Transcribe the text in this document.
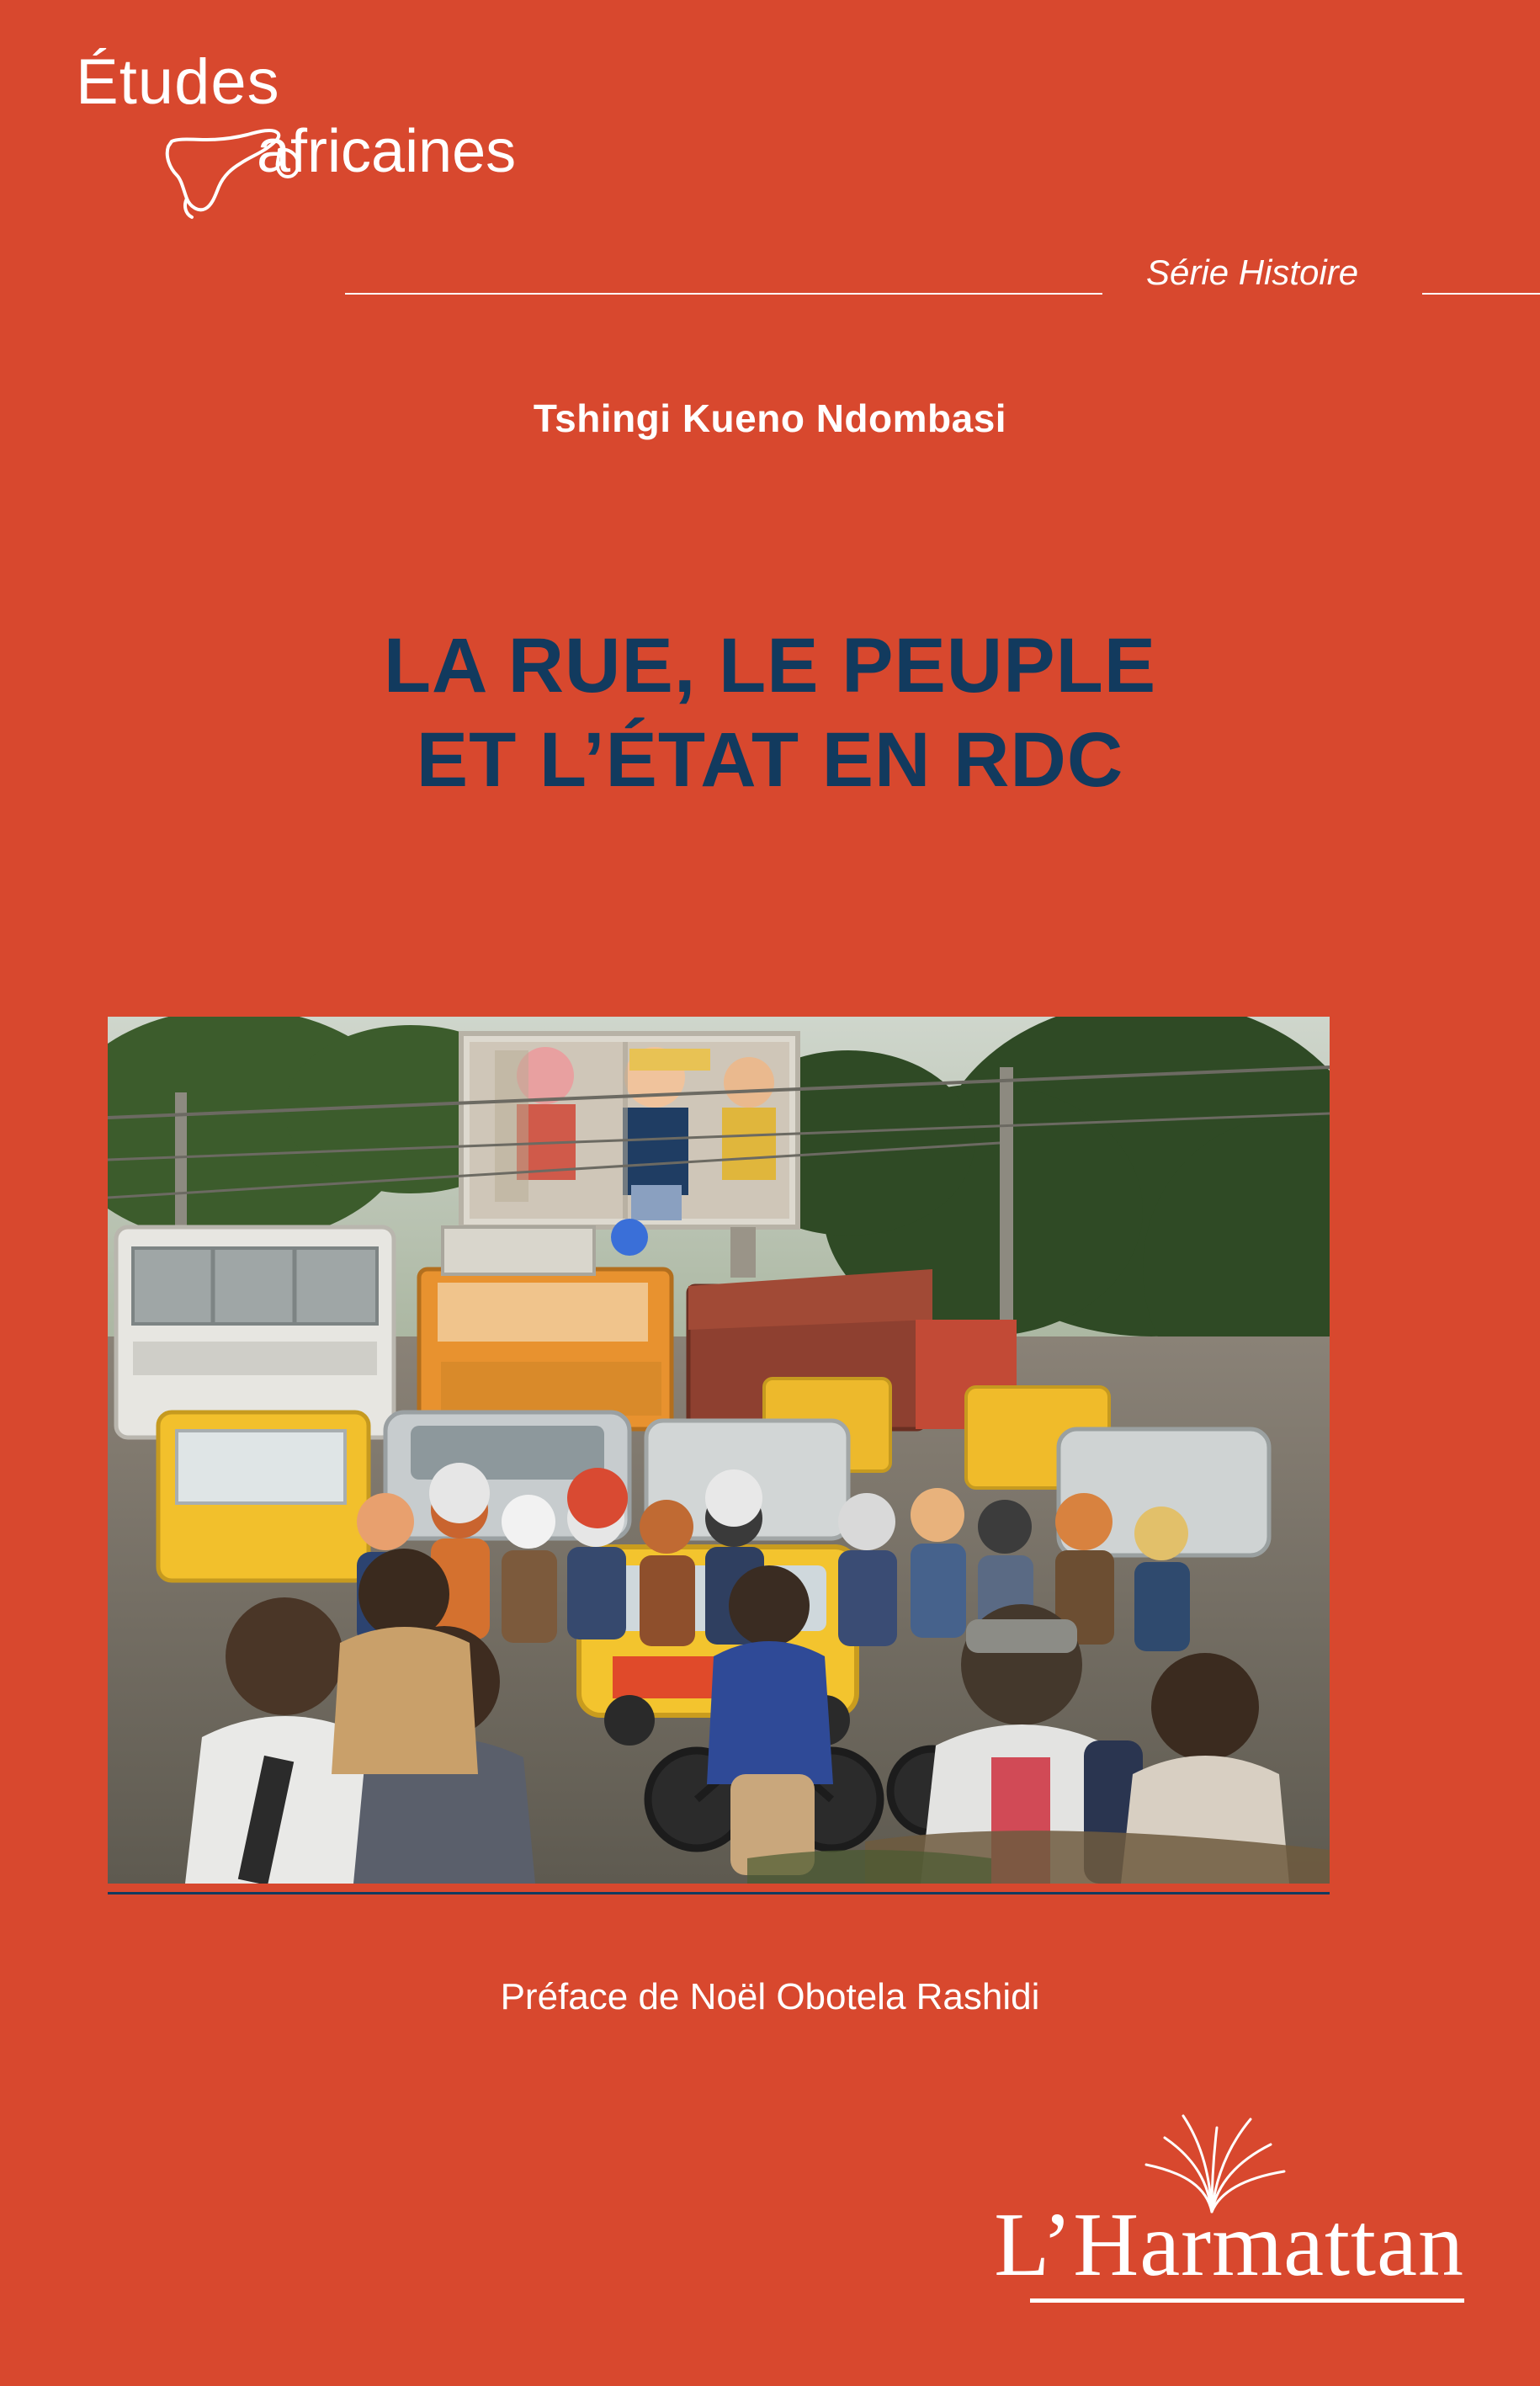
Études
africaines
Série Histoire
Tshingi Kueno Ndombasi
LA RUE, LE PEUPLE
ET L’ÉTAT EN RDC
Préface de Noël Obotela Rashidi
L’Harmattan
